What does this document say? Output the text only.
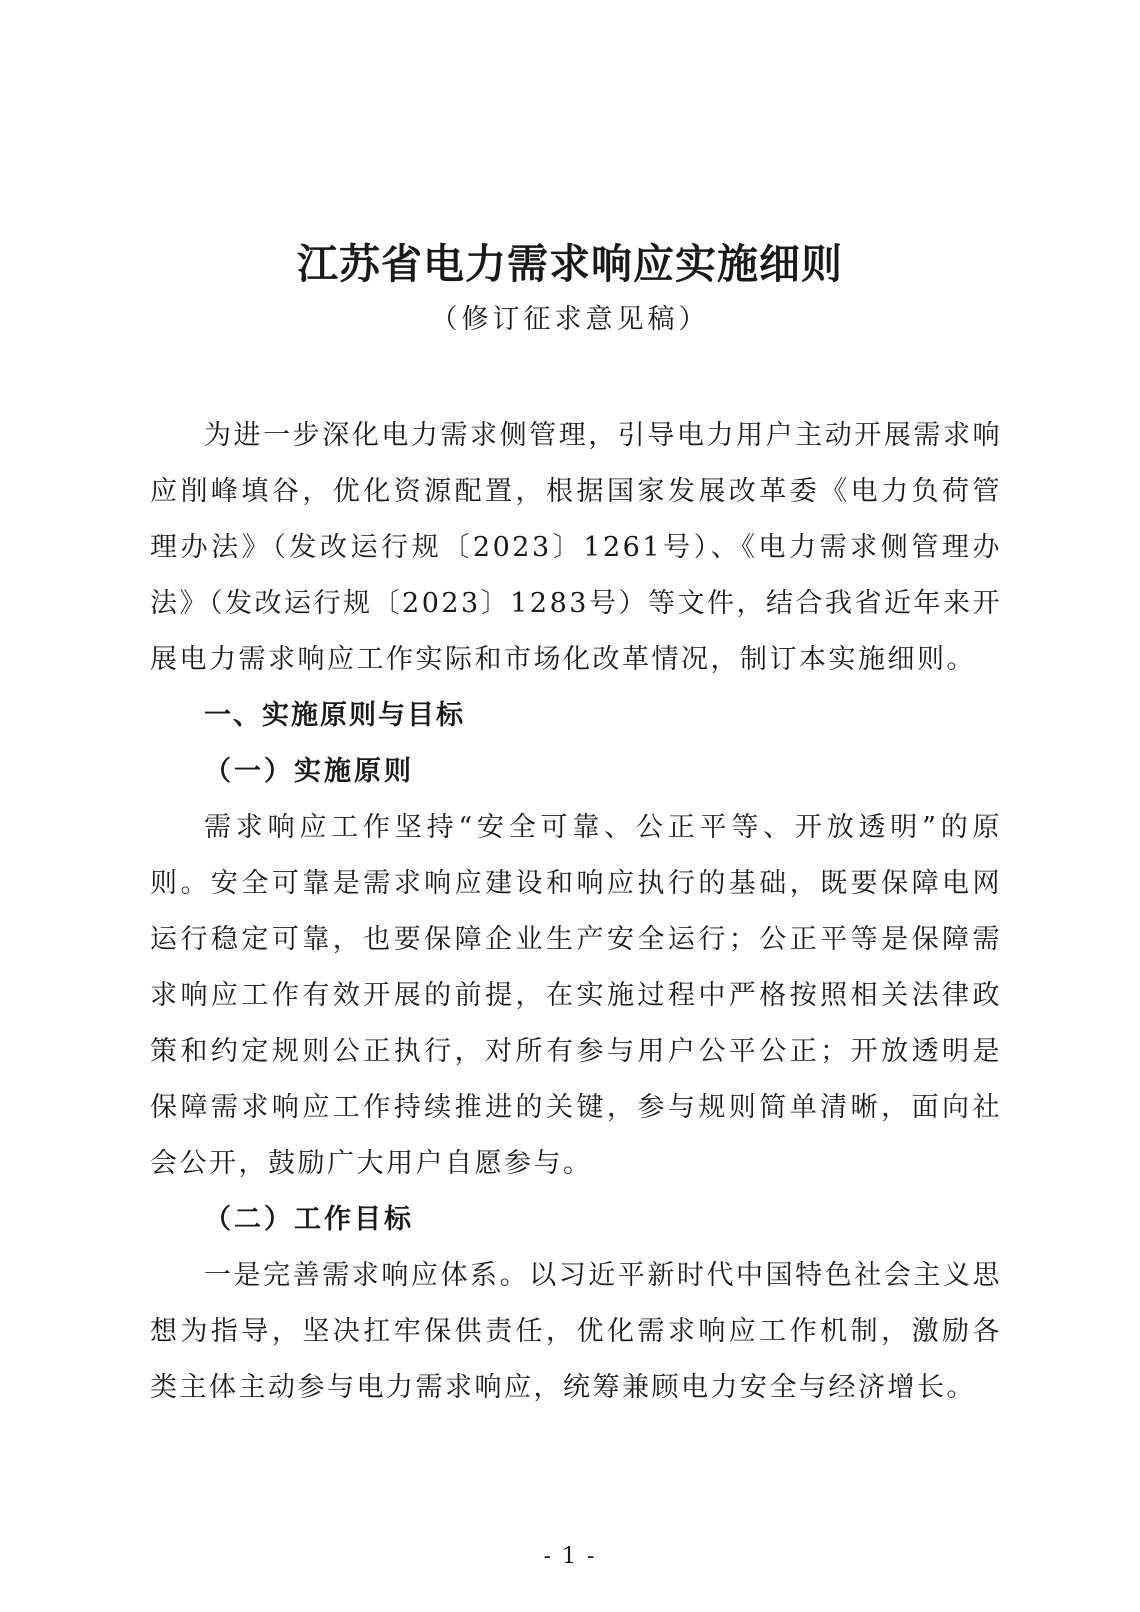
江苏省电力需求响应实施细则

（修订征求意见稿）

为进一步深化电力需求侧管理，引导电力用户主动开展需求响应削峰填谷，优化资源配置，根据国家发展改革委《电力负荷管理办法》（发改运行规〔2023〕1261号）、《电力需求侧管理办法》（发改运行规〔2023〕1283号）等文件，结合我省近年来开展电力需求响应工作实际和市场化改革情况，制订本实施细则。

一、实施原则与目标

（一）实施原则

需求响应工作坚持“安全可靠、公正平等、开放透明”的原则。安全可靠是需求响应建设和响应执行的基础，既要保障电网运行稳定可靠，也要保障企业生产安全运行；公正平等是保障需求响应工作有效开展的前提，在实施过程中严格按照相关法律政策和约定规则公正执行，对所有参与用户公平公正；开放透明是保障需求响应工作持续推进的关键，参与规则简单清晰，面向社会公开，鼓励广大用户自愿参与。

（二）工作目标

一是完善需求响应体系。以习近平新时代中国特色社会主义思想为指导，坚决扛牢保供责任，优化需求响应工作机制，激励各类主体主动参与电力需求响应，统筹兼顾电力安全与经济增长。

- 1 -
